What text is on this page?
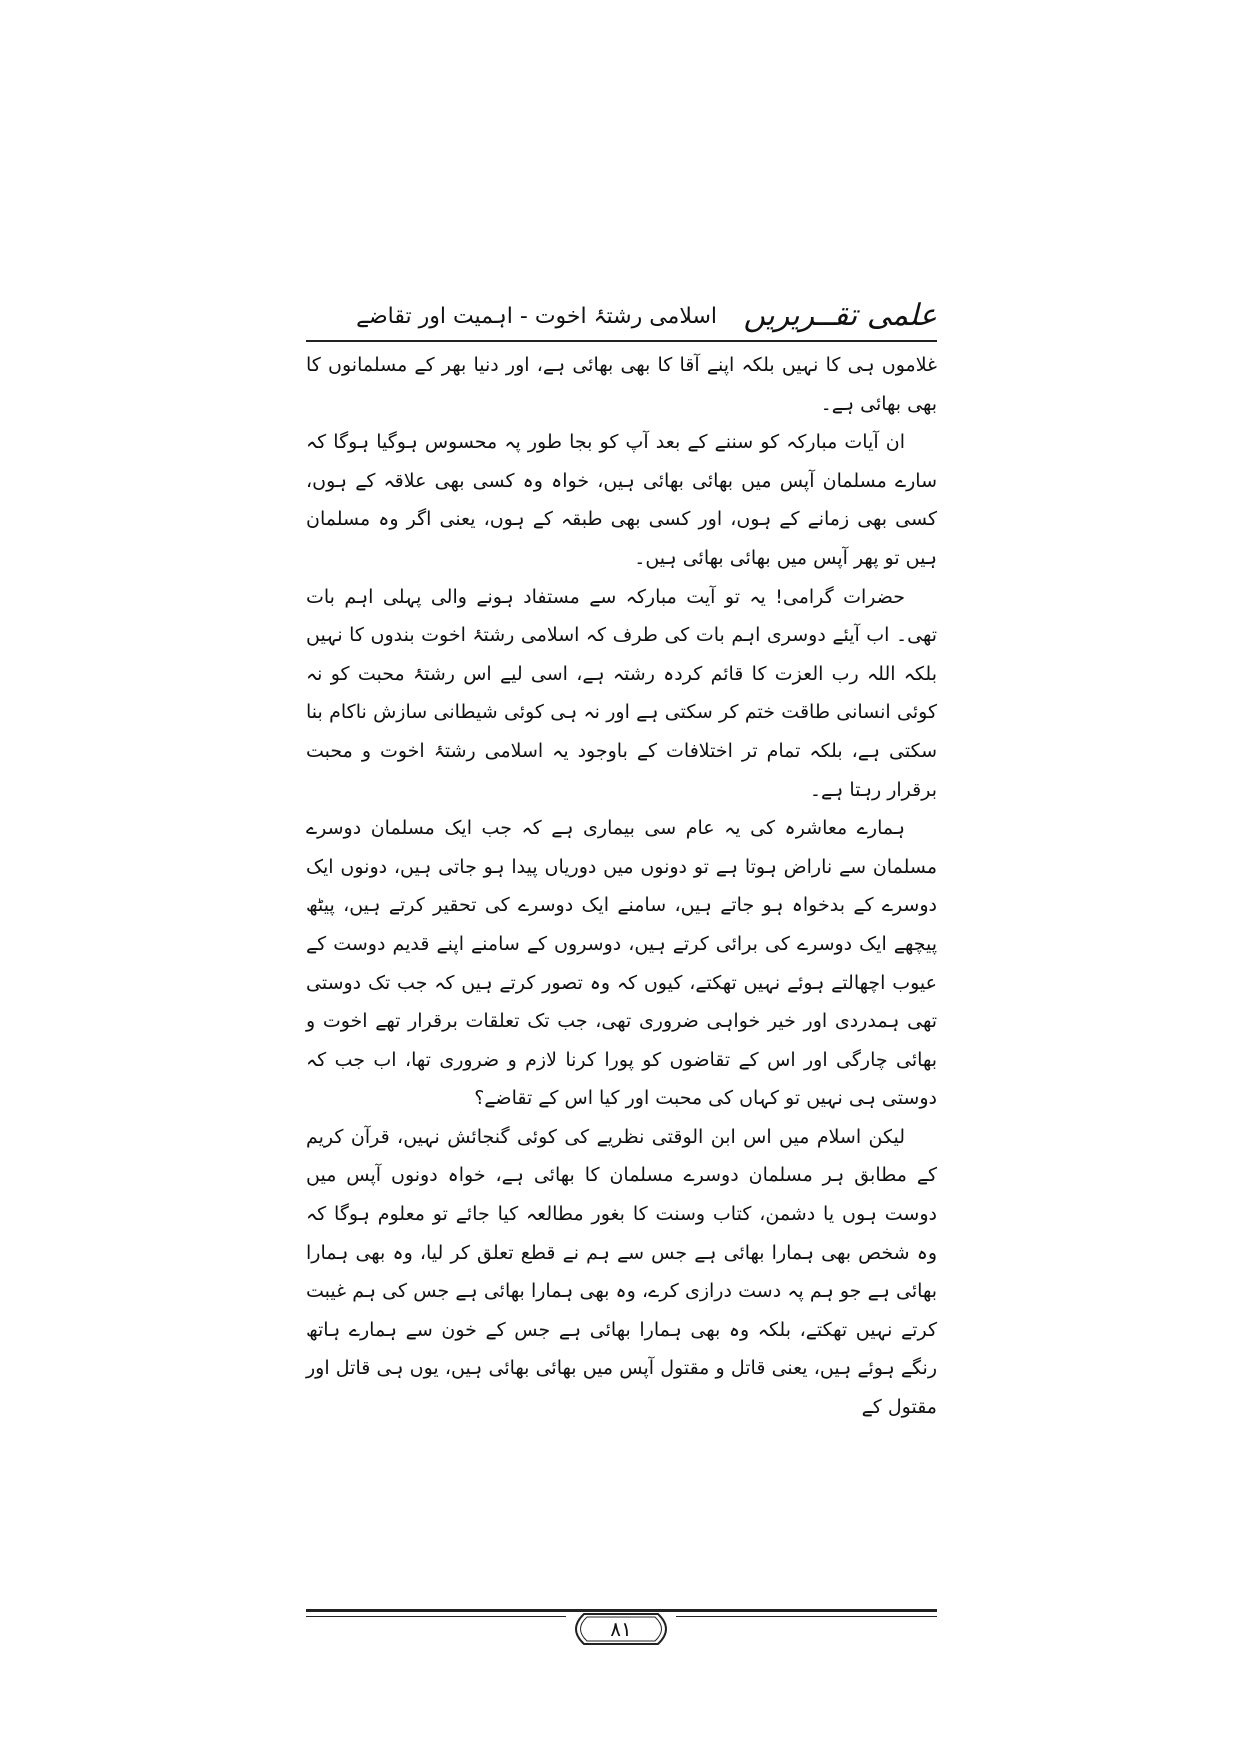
علمی تقــریریں
اسلامی رشتۂ اخوت - اہمیت اور تقاضے

غلاموں ہی کا نہیں بلکہ اپنے آقا کا بھی بھائی ہے، اور دنیا بھر کے مسلمانوں کا بھی بھائی ہے۔

ان آیات مبارکہ کو سننے کے بعد آپ کو بجا طور پہ محسوس ہوگیا ہوگا کہ سارے مسلمان آپس میں بھائی بھائی ہیں، خواہ وہ کسی بھی علاقہ کے ہوں، کسی بھی زمانے کے ہوں، اور کسی بھی طبقہ کے ہوں، یعنی اگر وہ مسلمان ہیں تو پھر آپس میں بھائی بھائی ہیں۔

حضرات گرامی! یہ تو آیت مبارکہ سے مستفاد ہونے والی پہلی اہم بات تھی۔ اب آیئے دوسری اہم بات کی طرف کہ اسلامی رشتۂ اخوت بندوں کا نہیں بلکہ اللہ رب العزت کا قائم کردہ رشتہ ہے، اسی لیے اس رشتۂ محبت کو نہ کوئی انسانی طاقت ختم کر سکتی ہے اور نہ ہی کوئی شیطانی سازش ناکام بنا سکتی ہے، بلکہ تمام تر اختلافات کے باوجود یہ اسلامی رشتۂ اخوت و محبت برقرار رہتا ہے۔

ہمارے معاشرہ کی یہ عام سی بیماری ہے کہ جب ایک مسلمان دوسرے مسلمان سے ناراض ہوتا ہے تو دونوں میں دوریاں پیدا ہو جاتی ہیں، دونوں ایک دوسرے کے بدخواہ ہو جاتے ہیں، سامنے ایک دوسرے کی تحقیر کرتے ہیں، پیٹھ پیچھے ایک دوسرے کی برائی کرتے ہیں، دوسروں کے سامنے اپنے قدیم دوست کے عیوب اچھالتے ہوئے نہیں تھکتے، کیوں کہ وہ تصور کرتے ہیں کہ جب تک دوستی تھی ہمدردی اور خیر خواہی ضروری تھی، جب تک تعلقات برقرار تھے اخوت و بھائی چارگی اور اس کے تقاضوں کو پورا کرنا لازم و ضروری تھا، اب جب کہ دوستی ہی نہیں تو کہاں کی محبت اور کیا اس کے تقاضے؟

لیکن اسلام میں اس ابن الوقتی نظریے کی کوئی گنجائش نہیں، قرآن کریم کے مطابق ہر مسلمان دوسرے مسلمان کا بھائی ہے، خواہ دونوں آپس میں دوست ہوں یا دشمن، کتاب وسنت کا بغور مطالعہ کیا جائے تو معلوم ہوگا کہ وہ شخص بھی ہمارا بھائی ہے جس سے ہم نے قطع تعلق کر لیا، وہ بھی ہمارا بھائی ہے جو ہم پہ دست درازی کرے، وہ بھی ہمارا بھائی ہے جس کی ہم غیبت کرتے نہیں تھکتے، بلکہ وہ بھی ہمارا بھائی ہے جس کے خون سے ہمارے ہاتھ رنگے ہوئے ہیں، یعنی قاتل و مقتول آپس میں بھائی بھائی ہیں، یوں ہی قاتل اور مقتول کے

۸۱
